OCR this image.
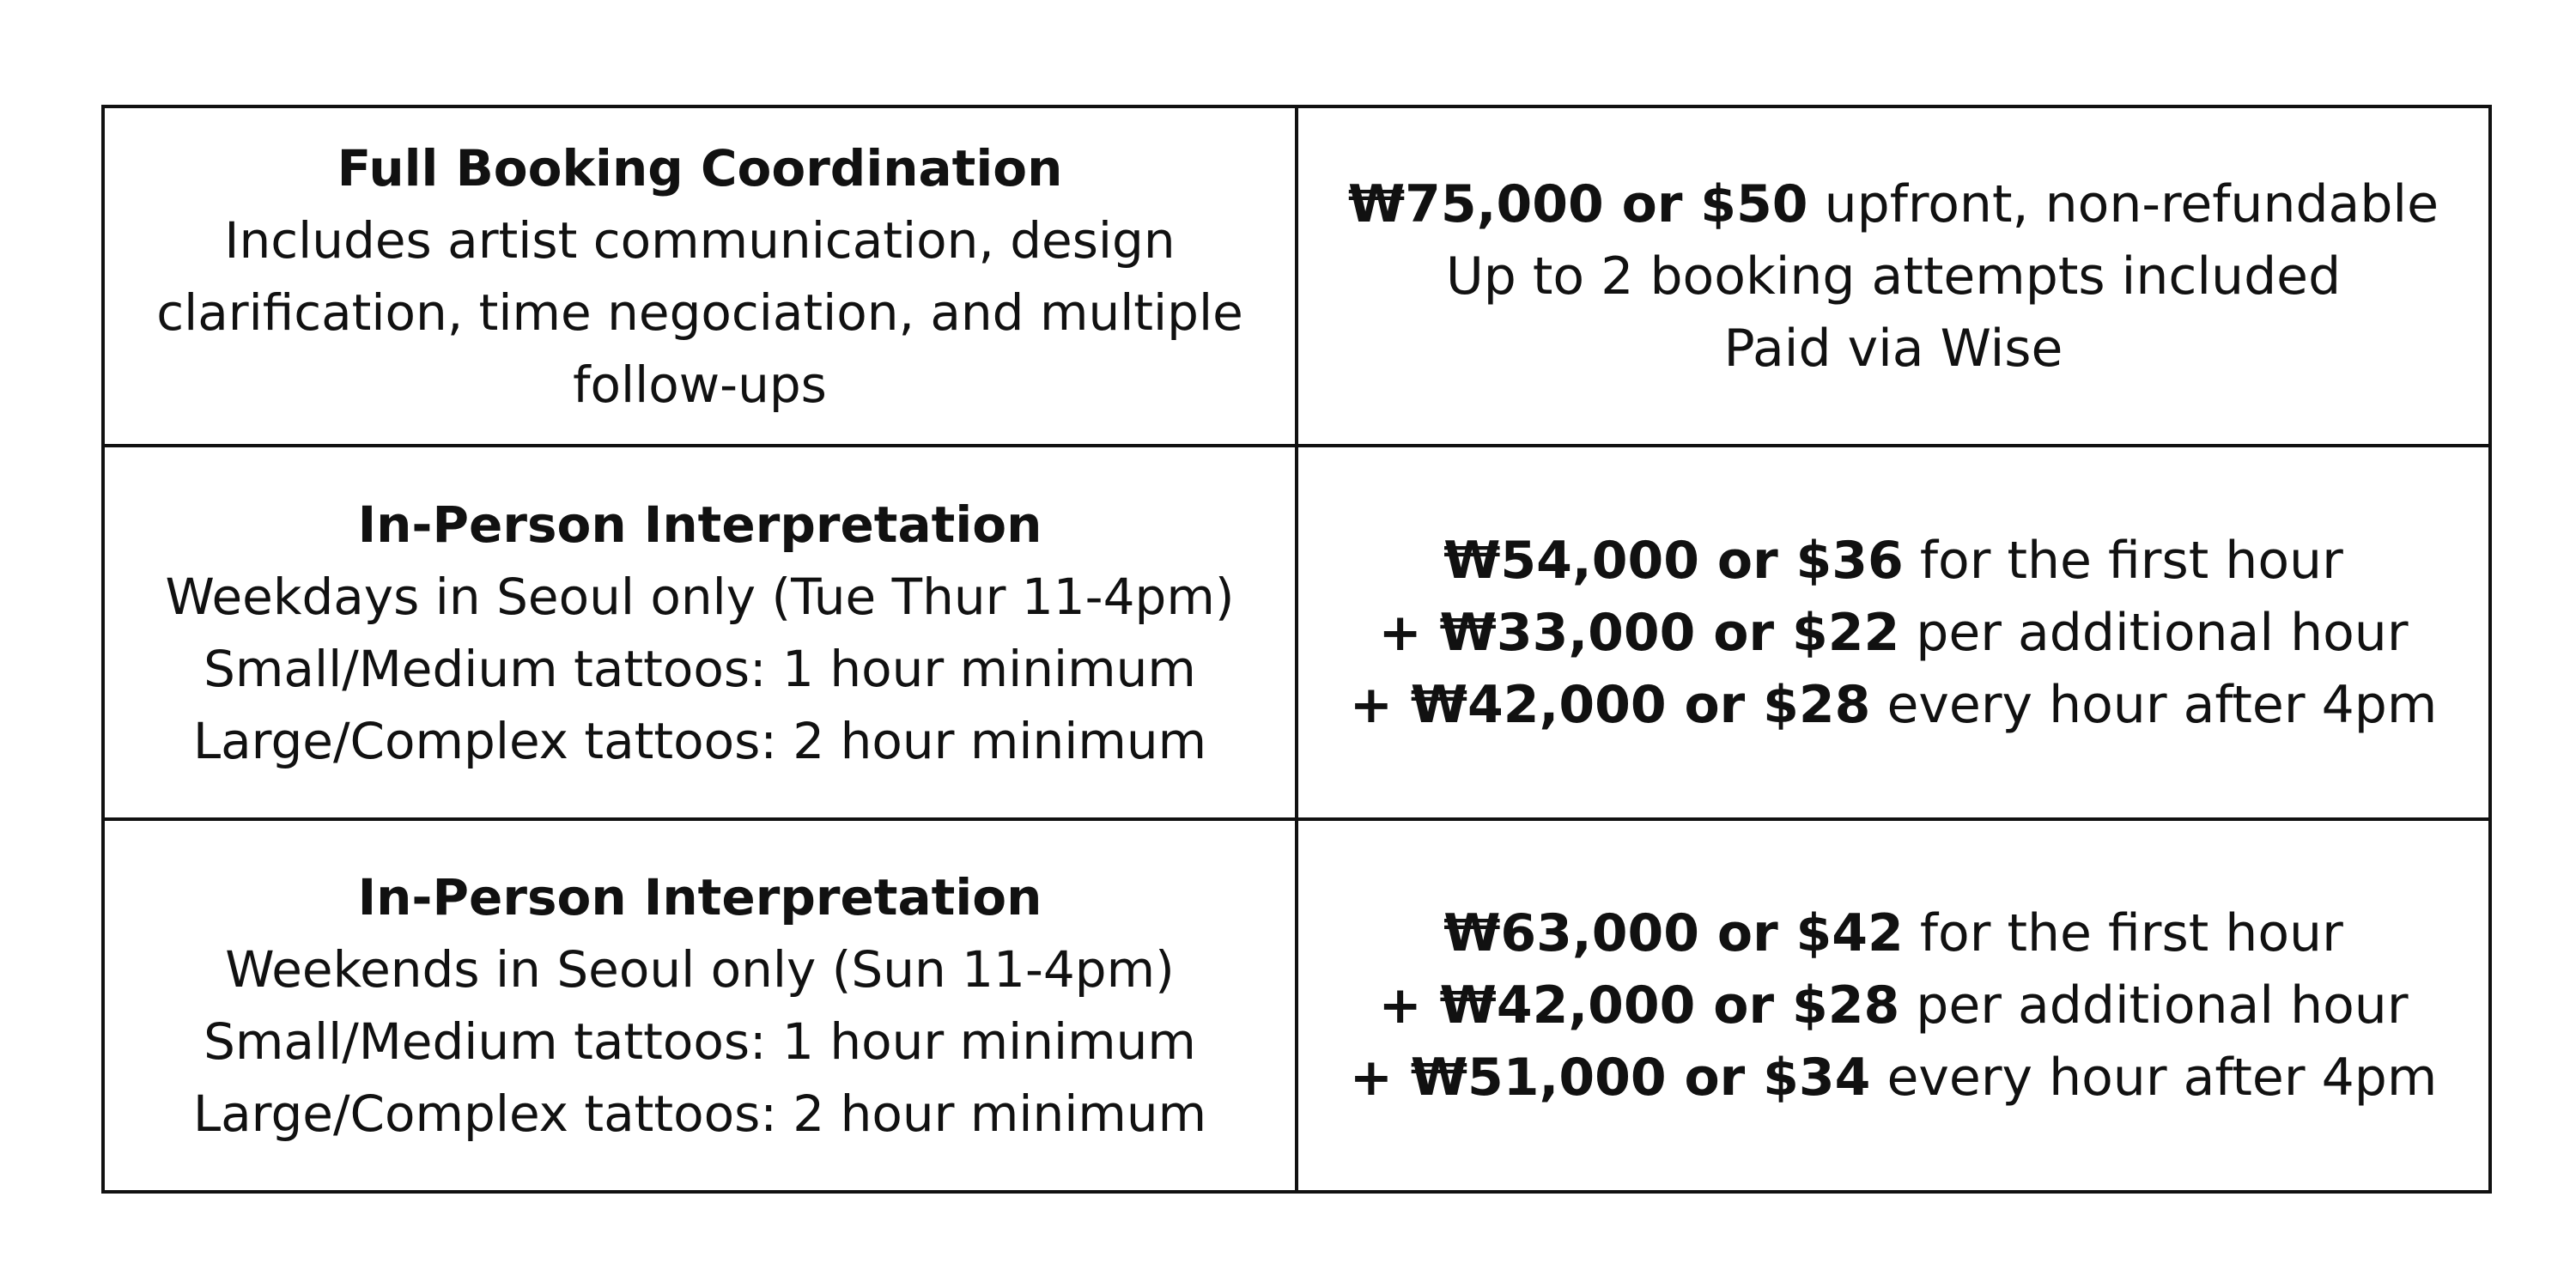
Full Booking Coordination
Includes artist communication, design
clarification, time negociation, and multiple
follow-ups	₩75,000 or $50 upfront, non-refundable
Up to 2 booking attempts included
Paid via Wise

In-Person Interpretation
Weekdays in Seoul only (Tue Thur 11-4pm)
Small/Medium tattoos: 1 hour minimum
Large/Complex tattoos: 2 hour minimum	₩54,000 or $36 for the first hour
+ ₩33,000 or $22 per additional hour
+ ₩42,000 or $28 every hour after 4pm

In-Person Interpretation
Weekends in Seoul only (Sun 11-4pm)
Small/Medium tattoos: 1 hour minimum
Large/Complex tattoos: 2 hour minimum	₩63,000 or $42 for the first hour
+ ₩42,000 or $28 per additional hour
+ ₩51,000 or $34 every hour after 4pm
